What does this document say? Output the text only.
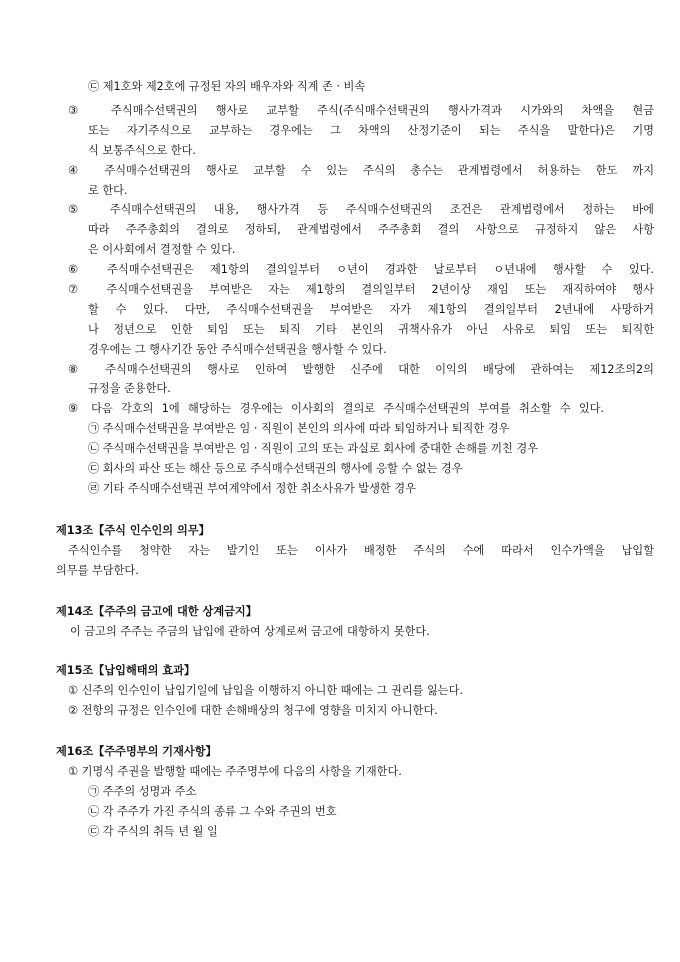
㉢ 제1호와 제2호에 규정된 자의 배우자와 직계 존 · 비속
③ 주식매수선택권의 행사로 교부할 주식(주식매수선택권의 행사가격과 시가와의 차액을 현금
또는 자기주식으로 교부하는 경우에는 그 차액의 산정기준이 되는 주식을 말한다)은 기명
식 보통주식으로 한다.
④ 주식매수선택권의 행사로 교부할 수 있는 주식의 총수는 관계법령에서 허용하는 한도 까지
로 한다.
⑤ 주식매수선택권의 내용, 행사가격 등 주식매수선택권의 조건은 관계법령에서 정하는 바에
따라 주주총회의 결의로 정하되, 관계법령에서 주주총회 결의 사항으로 규정하지 않은 사항
은 이사회에서 결정할 수 있다.
⑥ 주식매수선택권은 제1항의 결의일부터 ㅇ년이 경과한 날로부터 ㅇ년내에 행사할 수 있다.
⑦ 주식매수선택권을 부여받은 자는 제1항의 결의일부터 2년이상 재임 또는 재직하여야 행사
할 수 있다. 다만, 주식매수선택권을 부여받은 자가 제1항의 결의일부터 2년내에 사망하거
나 정년으로 인한 퇴임 또는 퇴직 기타 본인의 귀책사유가 아닌 사유로 퇴임 또는 퇴직한
경우에는 그 행사기간 동안 주식매수선택권을 행사할 수 있다.
⑧ 주식매수선택권의 행사로 인하여 발행한 신주에 대한 이익의 배당에 관하여는 제12조의2의
규정을 준용한다.
⑨ 다음 각호의 1에 해당하는 경우에는 이사회의 결의로 주식매수선택권의 부여를 취소할 수 있다.
㉠ 주식매수선택권을 부여받은 임 · 직원이 본인의 의사에 따라 퇴임하거나 퇴직한 경우
㉡ 주식매수선택권을 부여받은 임 · 직원이 고의 또는 과실로 회사에 중대한 손해를 끼친 경우
㉢ 회사의 파산 또는 해산 등으로 주식매수선택권의 행사에 응할 수 없는 경우
㉣ 기타 주식매수선택권 부여계약에서 정한 취소사유가 발생한 경우
제13조【주식 인수인의 의무】
주식인수를 청약한 자는 발기인 또는 이사가 배정한 주식의 수에 따라서 인수가액을 납입할
의무를 부담한다.
제14조【주주의 금고에 대한 상계금지】
이 금고의 주주는 주금의 납입에 관하여 상계로써 금고에 대항하지 못한다.
제15조【납입해태의 효과】
① 신주의 인수인이 납입기일에 납입을 이행하지 아니한 때에는 그 권리를 잃는다.
② 전항의 규정은 인수인에 대한 손해배상의 청구에 영향을 미치지 아니한다.
제16조【주주명부의 기재사항】
① 기명식 주권을 발행할 때에는 주주명부에 다음의 사항을 기재한다.
㉠ 주주의 성명과 주소
㉡ 각 주주가 가진 주식의 종류 그 수와 주권의 번호
㉢ 각 주식의 취득 년 월 일
